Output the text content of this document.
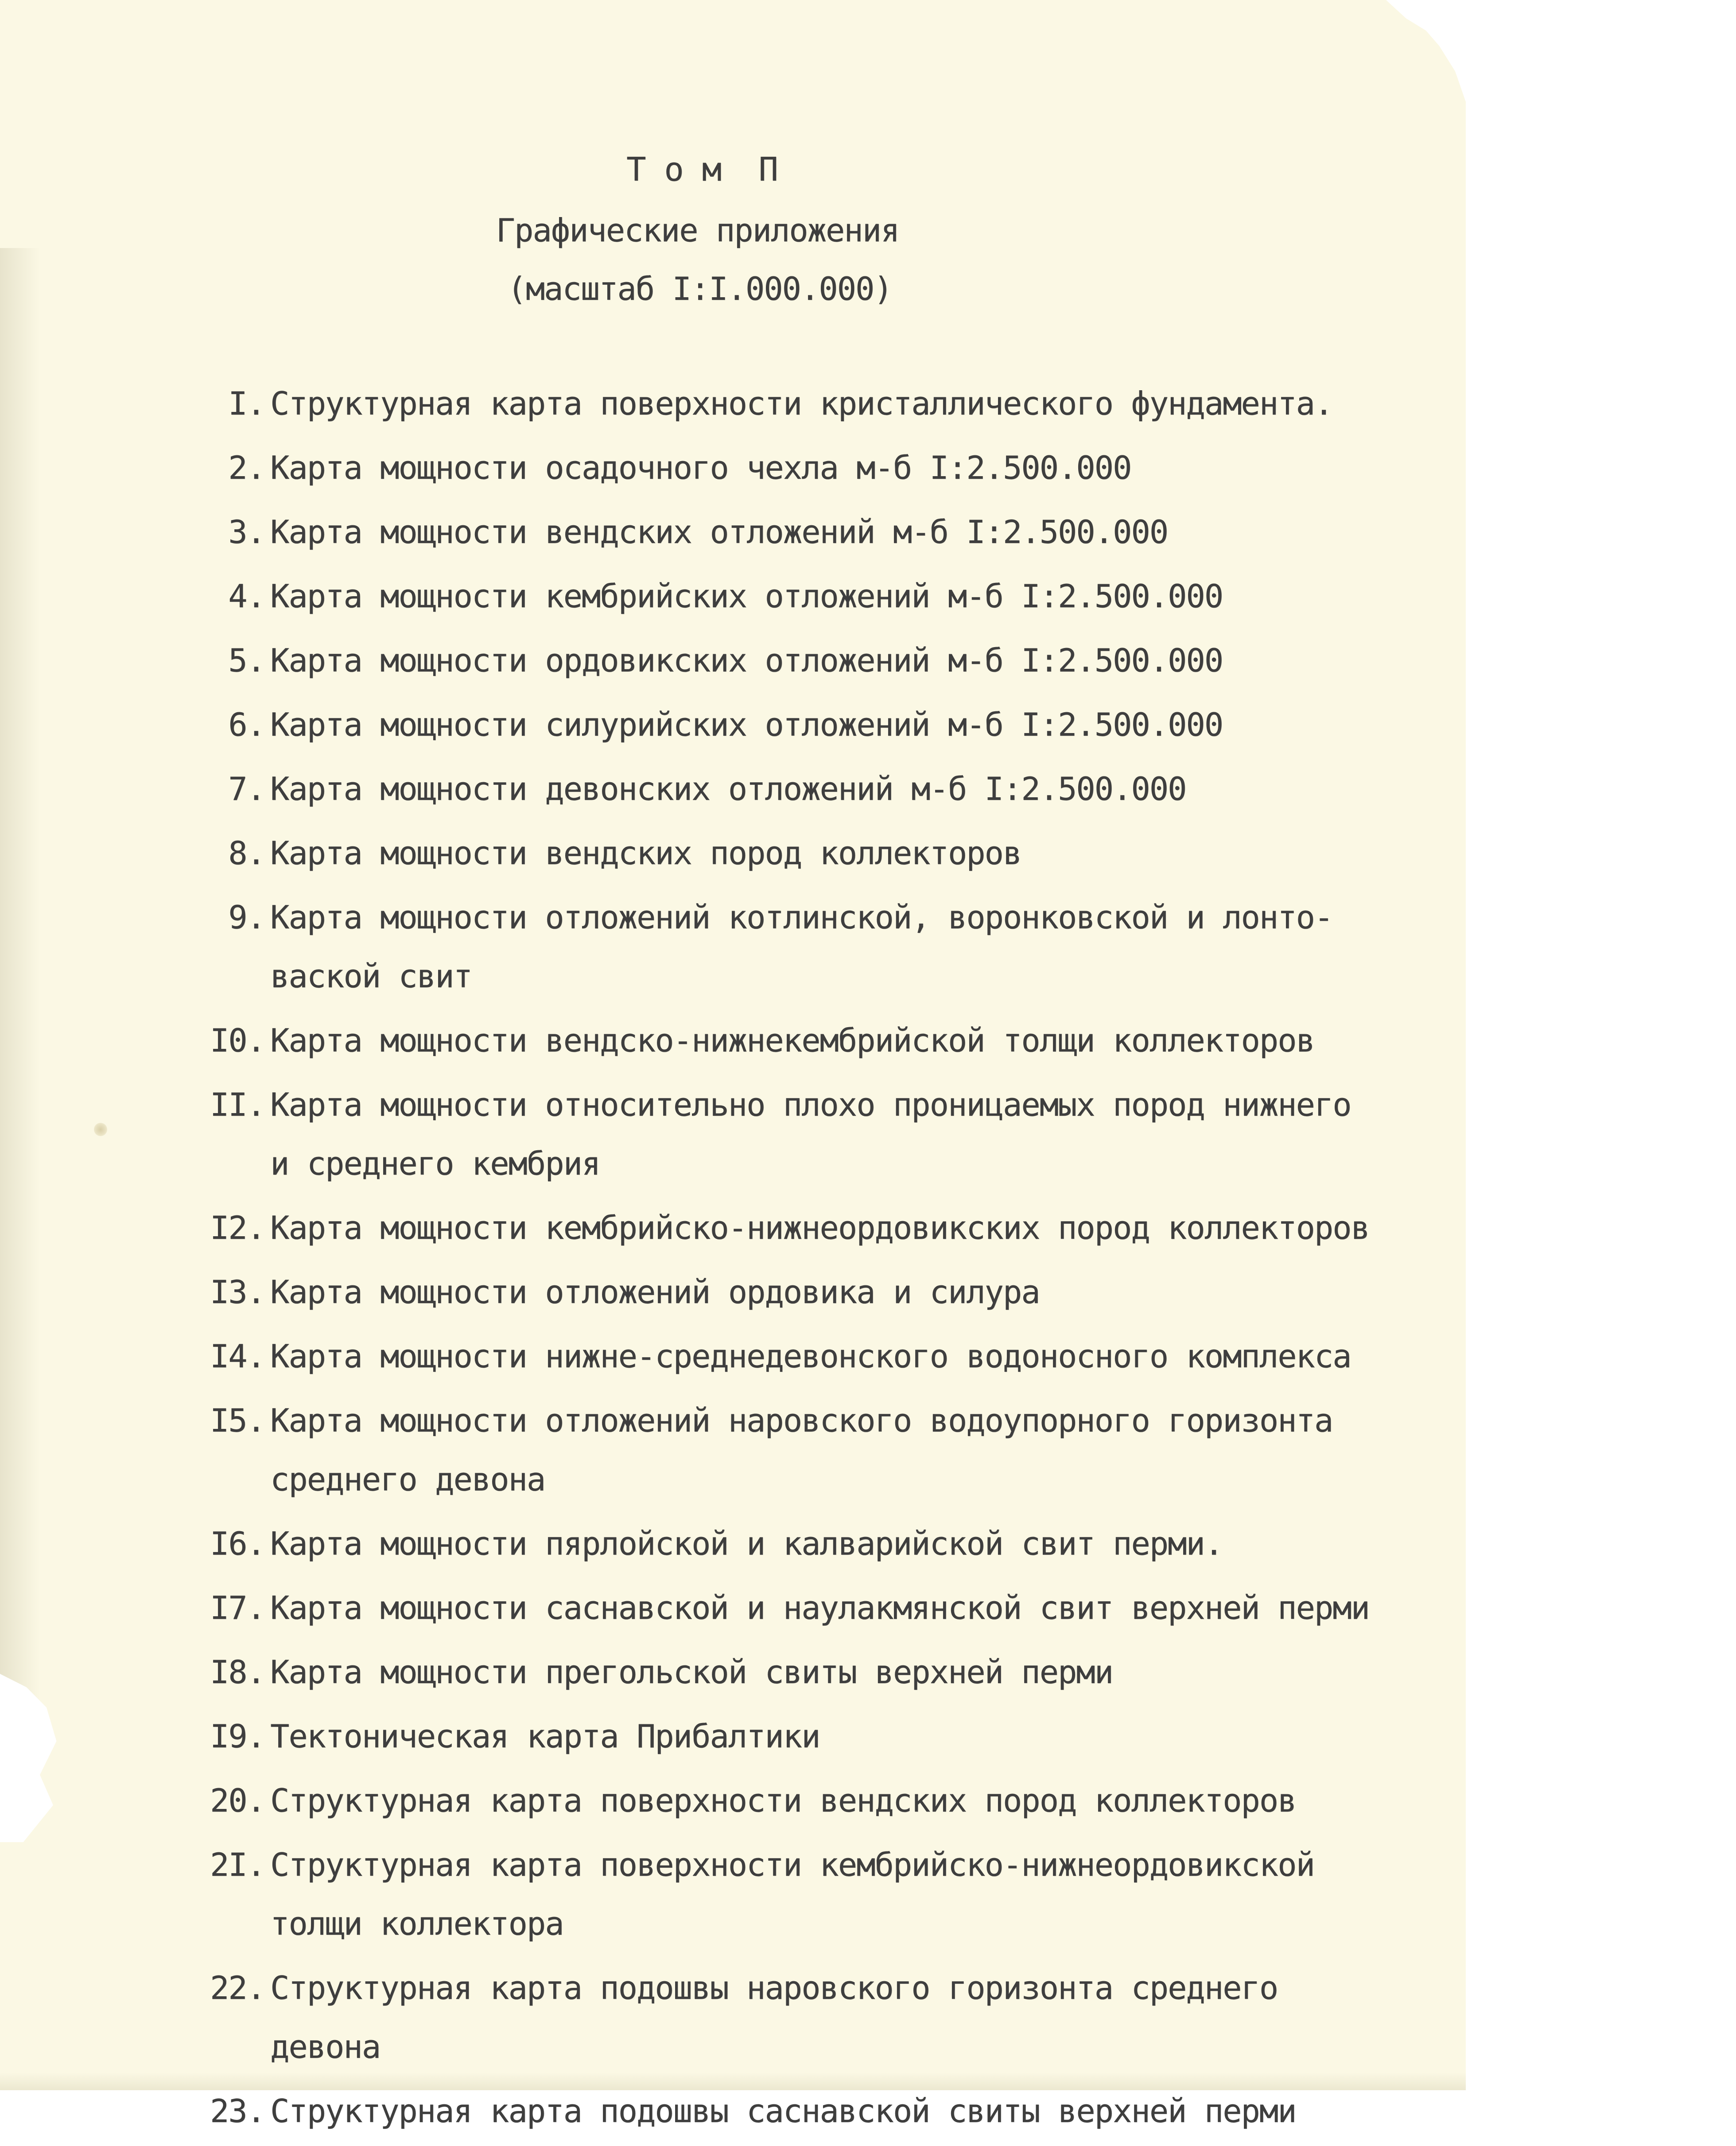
Том П
Графические приложения
(масштаб I:I.000.000)
I. Структурная карта поверхности кристаллического фундамента.
2. Карта мощности осадочного чехла м-б I:2.500.000
3. Карта мощности вендских отложений м-б I:2.500.000
4. Карта мощности кембрийских отложений м-б I:2.500.000
5. Карта мощности ордовикских отложений м-б I:2.500.000
6. Карта мощности силурийских отложений м-б I:2.500.000
7. Карта мощности девонских отложений м-б I:2.500.000
8. Карта мощности вендских пород коллекторов
9. Карта мощности отложений котлинской, воронковской и лонто-
ваской свит
I0. Карта мощности вендско-нижнекембрийской толщи коллекторов
II. Карта мощности относительно плохо проницаемых пород нижнего
и среднего кембрия
I2. Карта мощности кембрийско-нижнеордовикских пород коллекторов
I3. Карта мощности отложений ордовика и силура
I4. Карта мощности нижне-среднедевонского водоносного комплекса
I5. Карта мощности отложений наровского водоупорного горизонта
среднего девона
I6. Карта мощности пярлойской и калварийской свит перми.
I7. Карта мощности саснавской и наулакмянской свит верхней перми
I8. Карта мощности прегольской свиты верхней перми
I9. Тектоническая карта Прибалтики
20. Структурная карта поверхности вендских пород коллекторов
2I. Структурная карта поверхности кембрийско-нижнеордовикской
толщи коллектора
22. Структурная карта подошвы наровского горизонта среднего
девона
23. Структурная карта подошвы саснавской свиты верхней перми
